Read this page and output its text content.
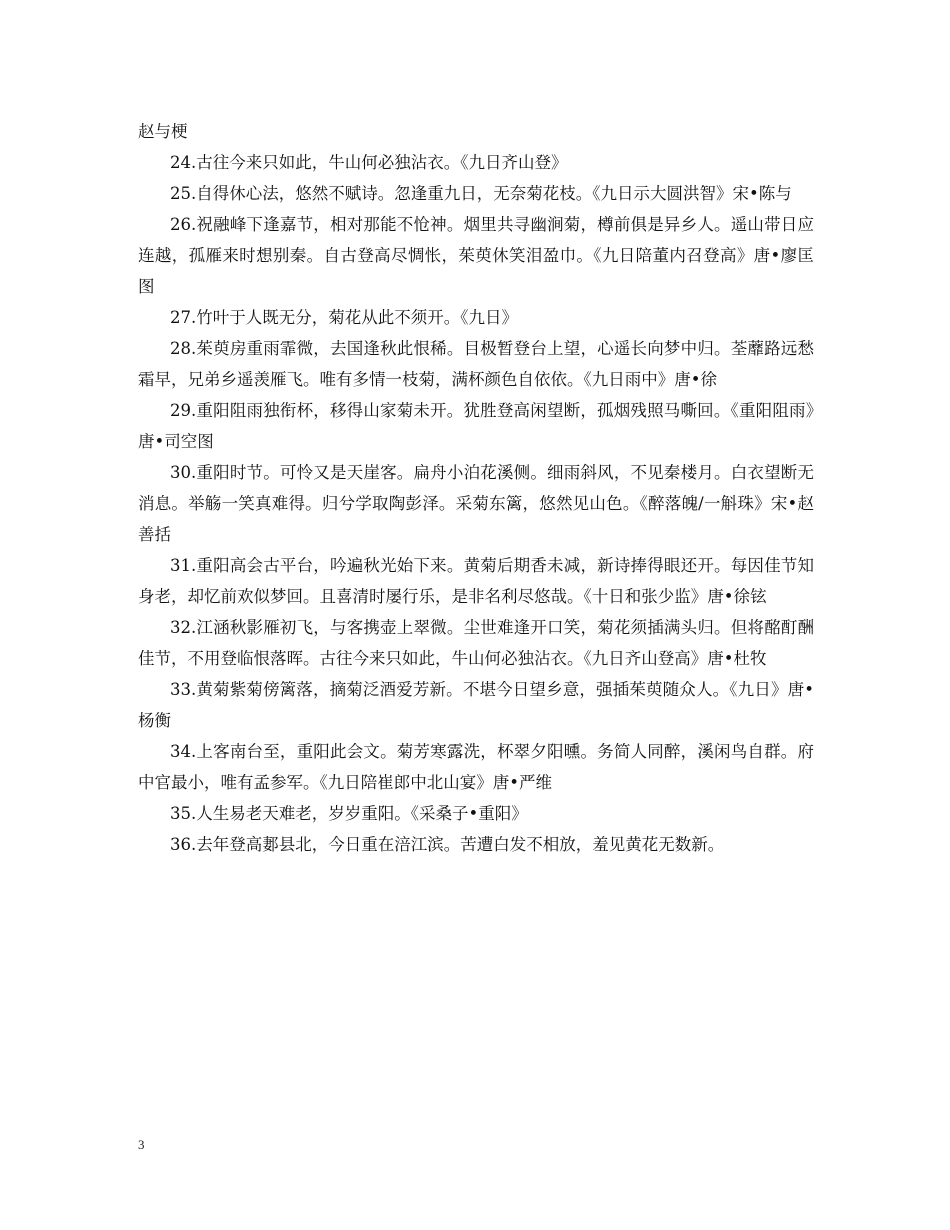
赵与梗

24.古往今来只如此，牛山何必独沾衣。《九日齐山登》

25.自得休心法，悠然不赋诗。忽逢重九日，无奈菊花枝。《九日示大圆洪智》宋•陈与

26.祝融峰下逢嘉节，相对那能不怆神。烟里共寻幽涧菊，樽前俱是异乡人。遥山带日应连越，孤雁来时想别秦。自古登高尽惆怅，茱萸休笑泪盈巾。《九日陪董内召登高》唐•廖匡图

27.竹叶于人既无分，菊花从此不须开。《九日》

28.茱萸房重雨霏微，去国逢秋此恨稀。目极暂登台上望，心遥长向梦中归。荃蘼路远愁霜早，兄弟乡遥羡雁飞。唯有多情一枝菊，满杯颜色自依依。《九日雨中》唐•徐

29.重阳阻雨独衔杯，移得山家菊未开。犹胜登高闲望断，孤烟残照马嘶回。《重阳阻雨》唐•司空图

30.重阳时节。可怜又是天崖客。扁舟小泊花溪侧。细雨斜风，不见秦楼月。白衣望断无消息。举觞一笑真难得。归兮学取陶彭泽。采菊东篱，悠然见山色。《醉落魄/一斛珠》宋•赵善括

31.重阳高会古平台，吟遍秋光始下来。黄菊后期香未减，新诗捧得眼还开。每因佳节知身老，却忆前欢似梦回。且喜清时屡行乐，是非名利尽悠哉。《十日和张少监》唐•徐铉

32.江涵秋影雁初飞，与客携壶上翠微。尘世难逢开口笑，菊花须插满头归。但将酩酊酬佳节，不用登临恨落晖。古往今来只如此，牛山何必独沾衣。《九日齐山登高》唐•杜牧

33.黄菊紫菊傍篱落，摘菊泛酒爱芳新。不堪今日望乡意，强插茱萸随众人。《九日》唐•杨衡

34.上客南台至，重阳此会文。菊芳寒露洗，杯翠夕阳曛。务简人同醉，溪闲鸟自群。府中官最小，唯有孟参军。《九日陪崔郎中北山宴》唐•严维

35.人生易老天难老，岁岁重阳。《采桑子•重阳》

36.去年登高郪县北，今日重在涪江滨。苦遭白发不相放，羞见黄花无数新。

3
